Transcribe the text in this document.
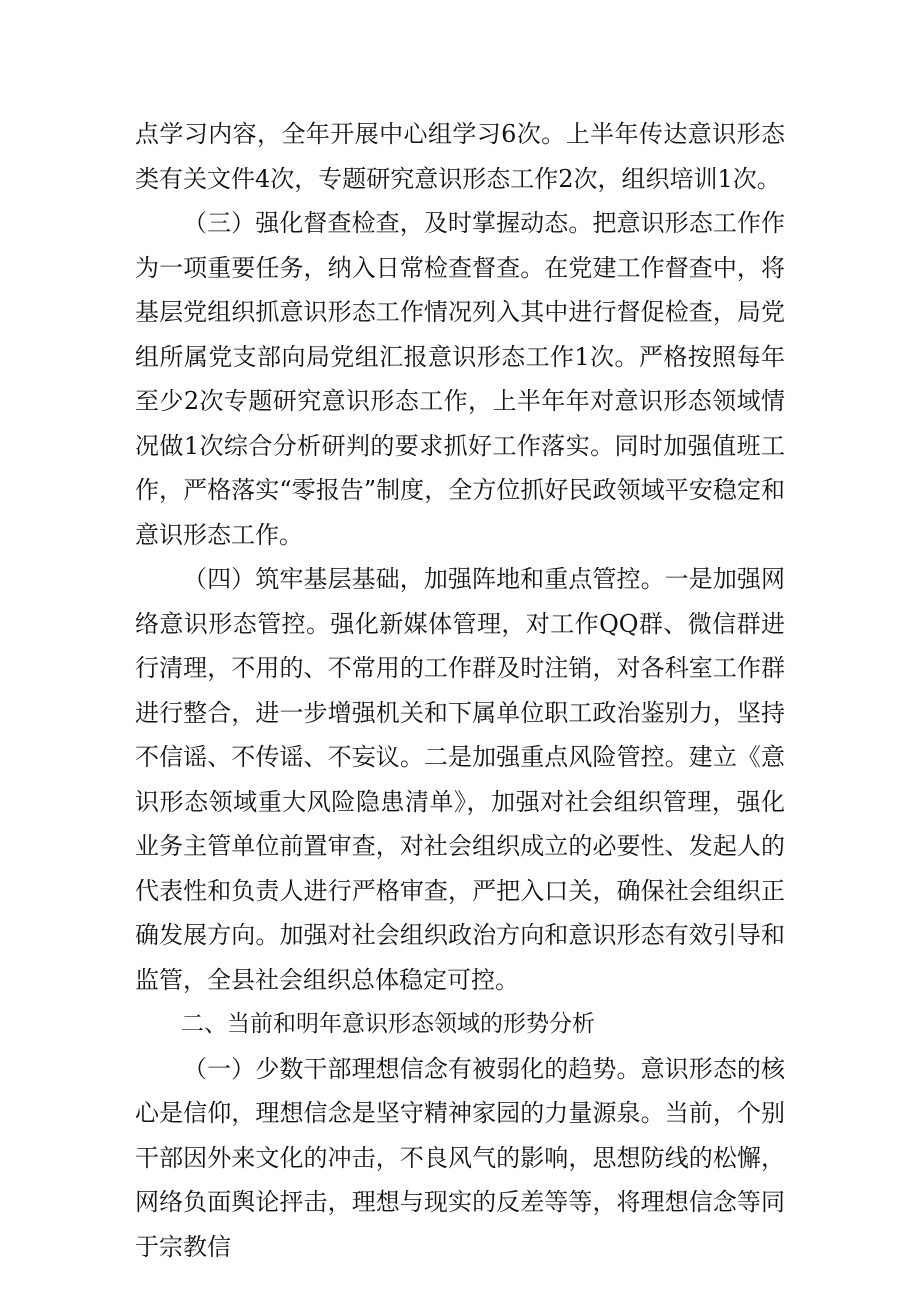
点学习内容，全年开展中心组学习6次。上半年传达意识形态类有关文件4次，专题研究意识形态工作2次，组织培训1次。

（三）强化督查检查，及时掌握动态。把意识形态工作作为一项重要任务，纳入日常检查督查。在党建工作督查中，将基层党组织抓意识形态工作情况列入其中进行督促检查，局党组所属党支部向局党组汇报意识形态工作1次。严格按照每年至少2次专题研究意识形态工作，上半年年对意识形态领域情况做1次综合分析研判的要求抓好工作落实。同时加强值班工作，严格落实“零报告”制度，全方位抓好民政领域平安稳定和意识形态工作。

（四）筑牢基层基础，加强阵地和重点管控。一是加强网络意识形态管控。强化新媒体管理，对工作QQ群、微信群进行清理，不用的、不常用的工作群及时注销，对各科室工作群进行整合，进一步增强机关和下属单位职工政治鉴别力，坚持不信谣、不传谣、不妄议。二是加强重点风险管控。建立《意识形态领域重大风险隐患清单》，加强对社会组织管理，强化业务主管单位前置审查，对社会组织成立的必要性、发起人的代表性和负责人进行严格审查，严把入口关，确保社会组织正确发展方向。加强对社会组织政治方向和意识形态有效引导和监管，全县社会组织总体稳定可控。

二、当前和明年意识形态领域的形势分析

（一）少数干部理想信念有被弱化的趋势。意识形态的核心是信仰，理想信念是坚守精神家园的力量源泉。当前，个别干部因外来文化的冲击，不良风气的影响，思想防线的松懈，网络负面舆论抨击，理想与现实的反差等等，将理想信念等同于宗教信
